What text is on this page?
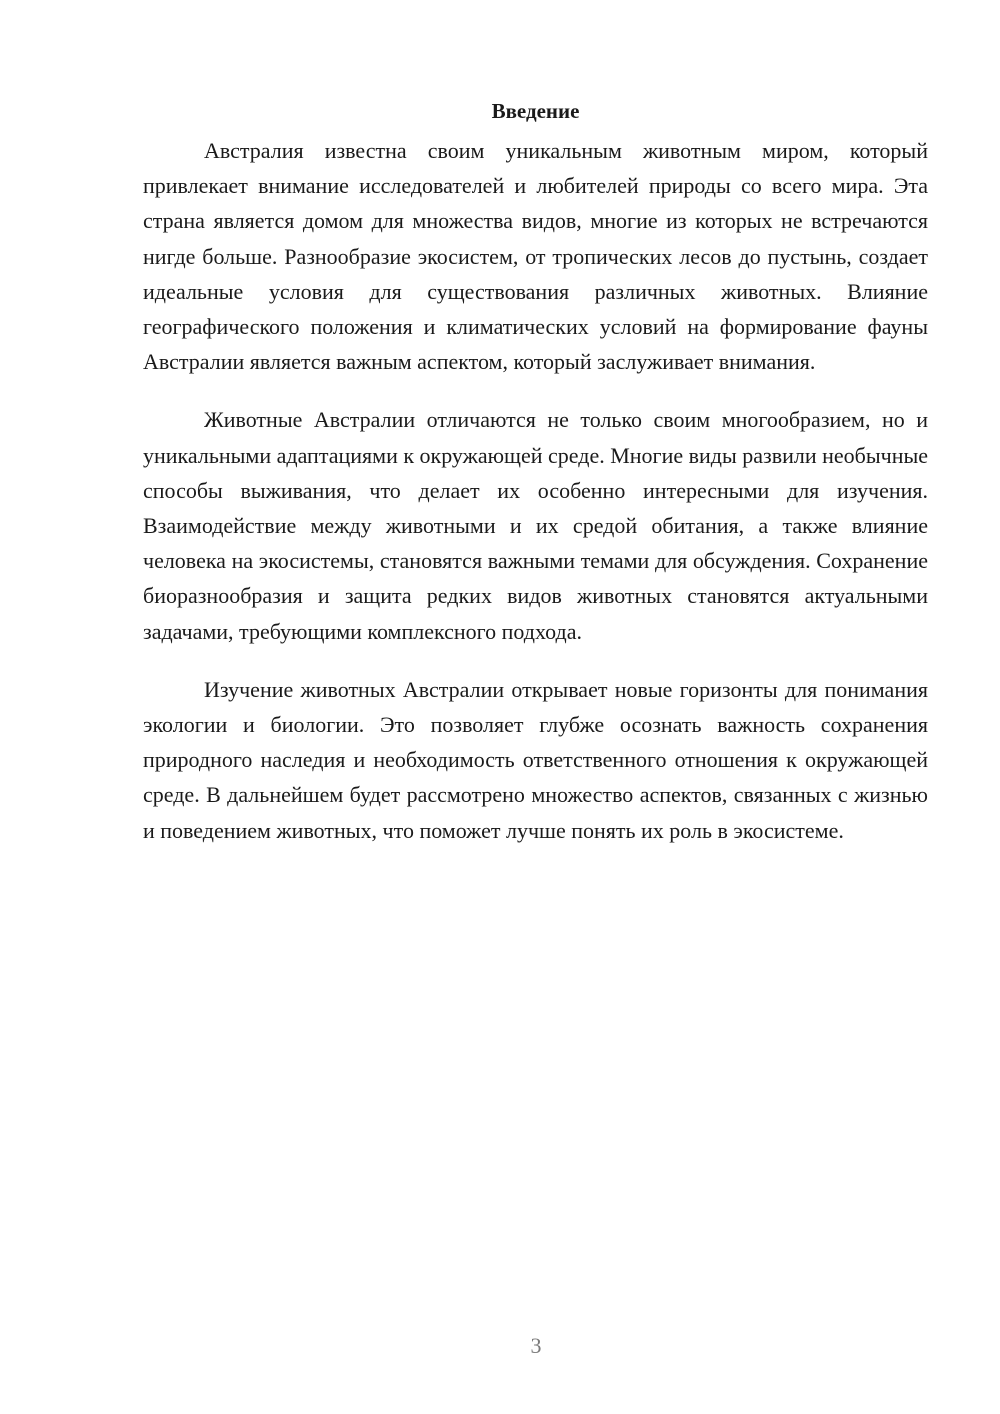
Введение

Австралия известна своим уникальным животным миром, который привлекает внимание исследователей и любителей природы со всего мира. Эта страна является домом для множества видов, многие из которых не встречаются нигде больше. Разнообразие экосистем, от тропических лесов до пустынь, создает идеальные условия для существования различных животных. Влияние географического положения и климатических условий на формирование фауны Австралии является важным аспектом, который заслуживает внимания.

Животные Австралии отличаются не только своим многообразием, но и уникальными адаптациями к окружающей среде. Многие виды развили необычные способы выживания, что делает их особенно интересными для изучения. Взаимодействие между животными и их средой обитания, а также влияние человека на экосистемы, становятся важными темами для обсуждения. Сохранение биоразнообразия и защита редких видов животных становятся актуальными задачами, требующими комплексного подхода.

Изучение животных Австралии открывает новые горизонты для понимания экологии и биологии. Это позволяет глубже осознать важность сохранения природного наследия и необходимость ответственного отношения к окружающей среде. В дальнейшем будет рассмотрено множество аспектов, связанных с жизнью и поведением животных, что поможет лучше понять их роль в экосистеме.

3
